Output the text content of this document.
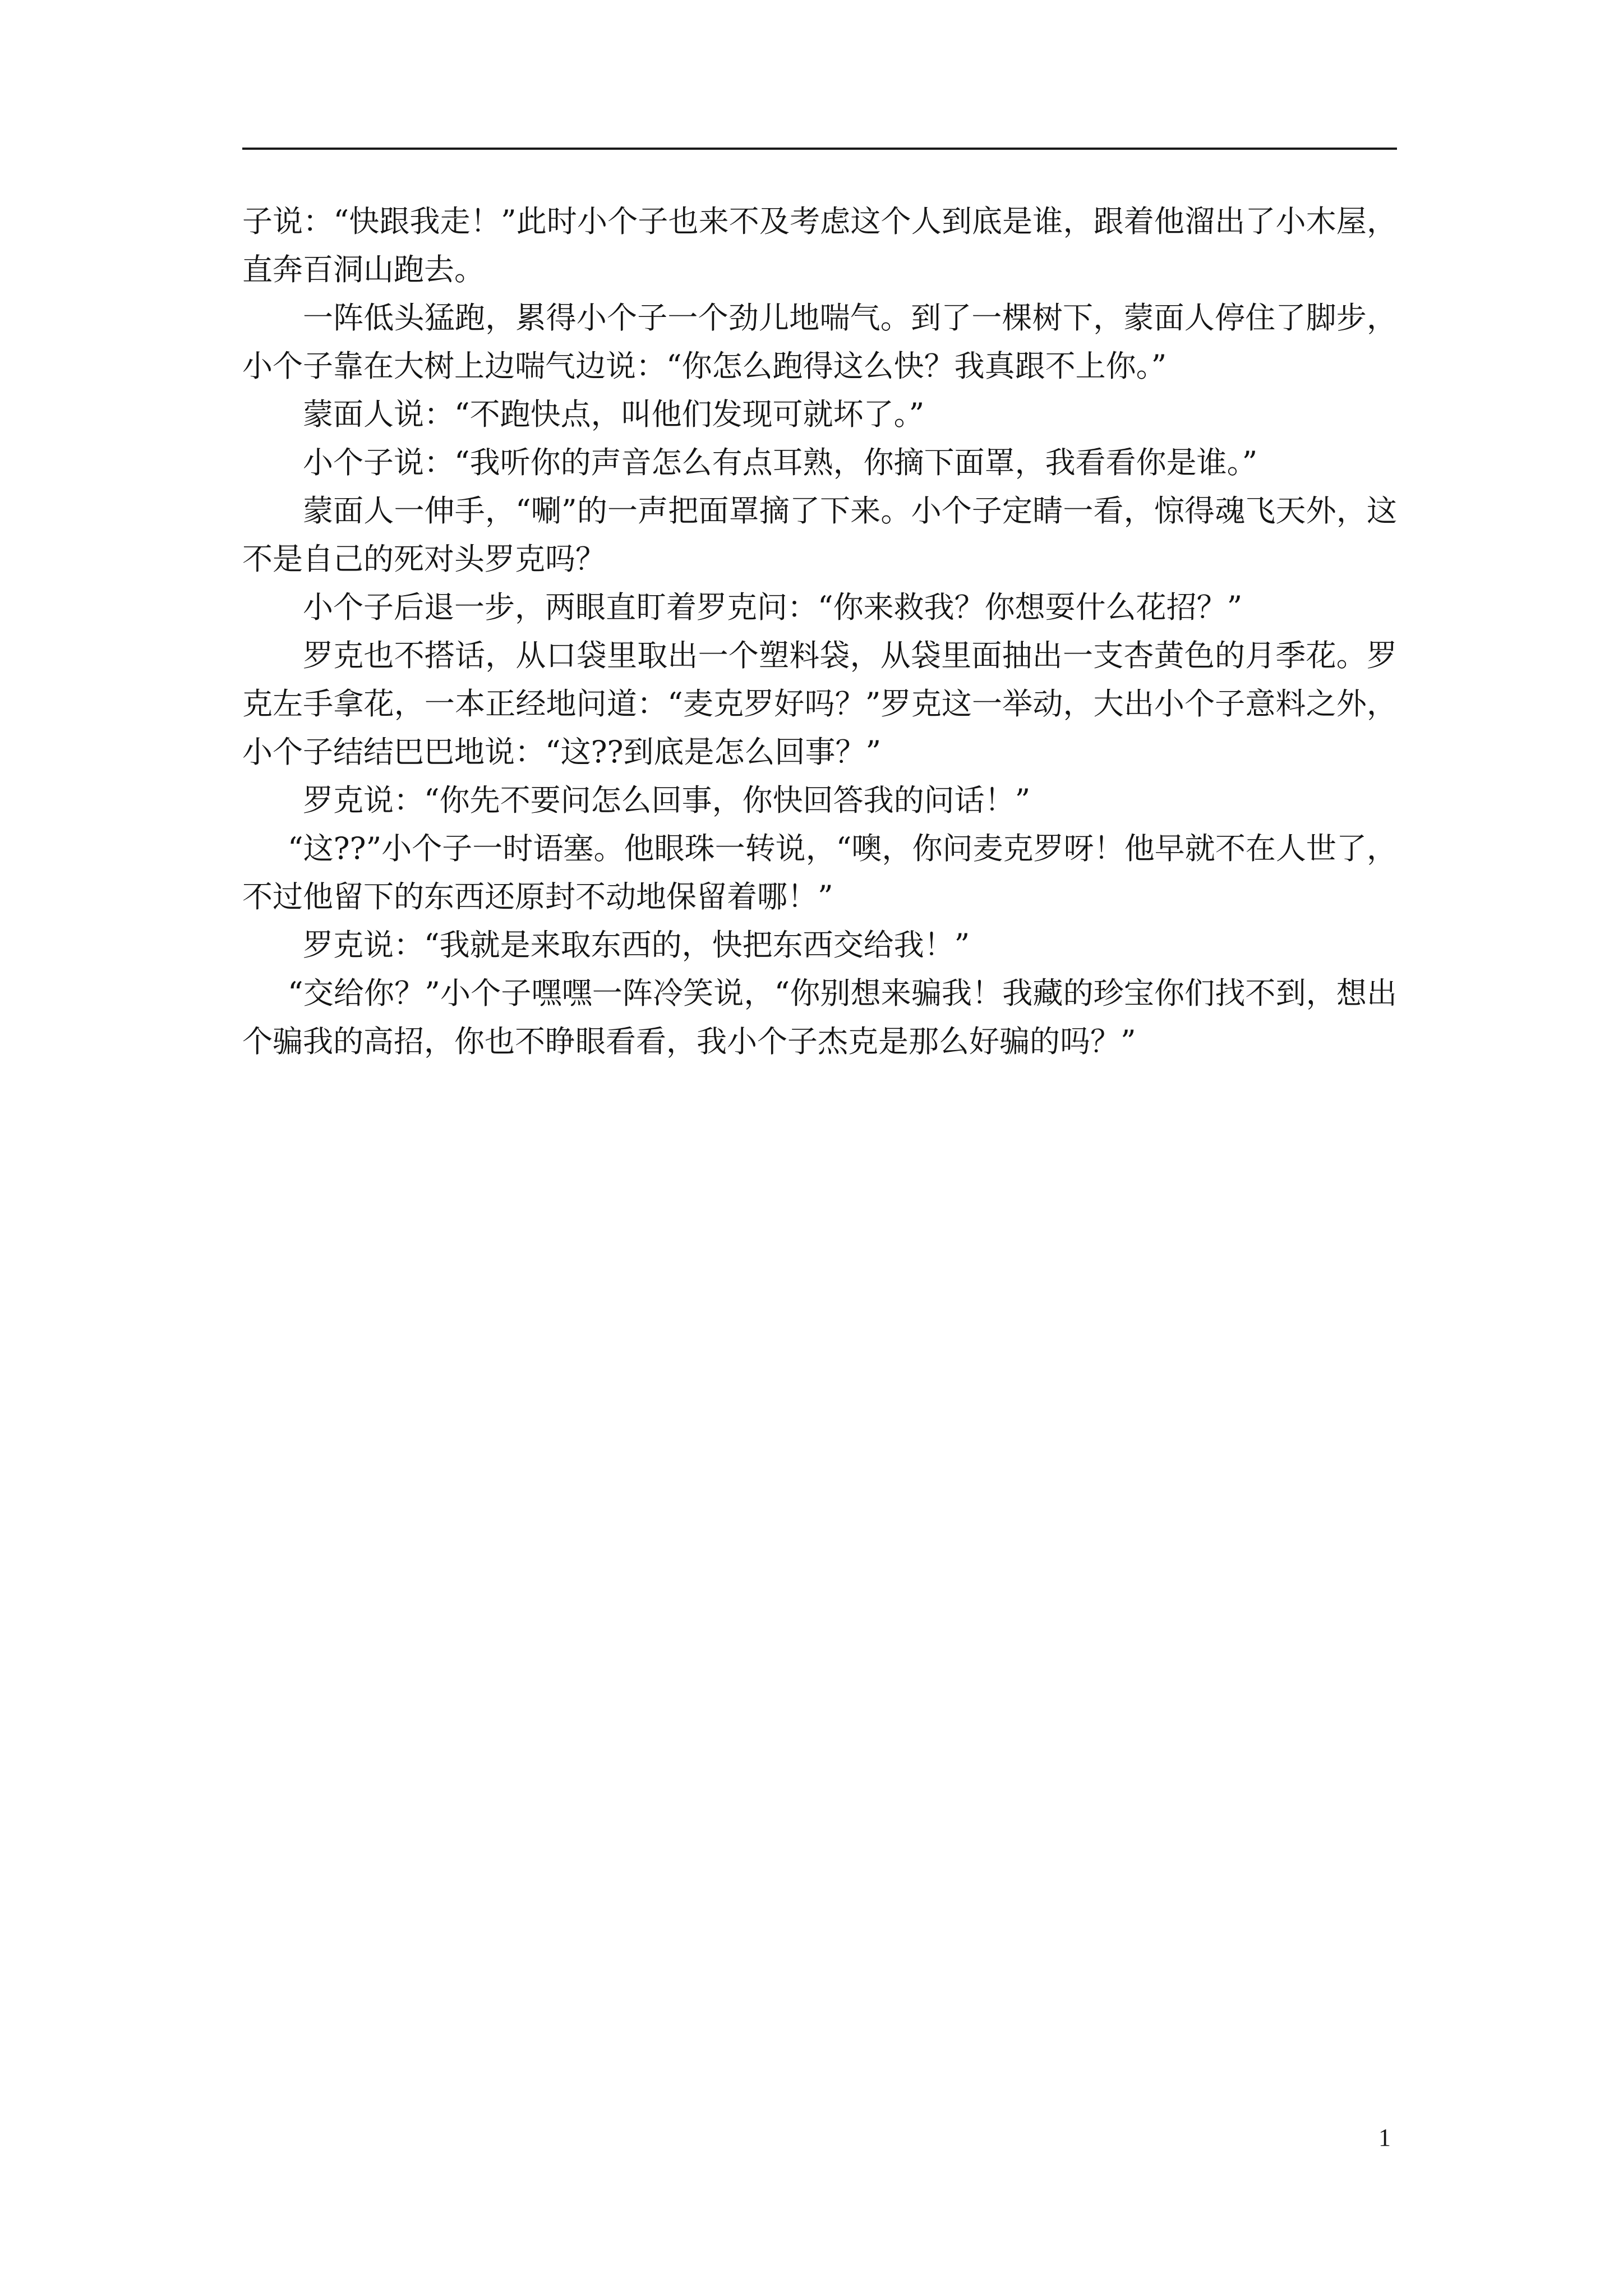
子说：“快跟我走！”此时小个子也来不及考虑这个人到底是谁，跟着他溜出了小木屋，直奔百洞山跑去。

一阵低头猛跑，累得小个子一个劲儿地喘气。到了一棵树下，蒙面人停住了脚步，小个子靠在大树上边喘气边说：“你怎么跑得这么快？我真跟不上你。”

蒙面人说：“不跑快点，叫他们发现可就坏了。”

小个子说：“我听你的声音怎么有点耳熟，你摘下面罩，我看看你是谁。”

蒙面人一伸手，“唰”的一声把面罩摘了下来。小个子定睛一看，惊得魂飞天外，这不是自己的死对头罗克吗？

小个子后退一步，两眼直盯着罗克问：“你来救我？你想耍什么花招？”

罗克也不搭话，从口袋里取出一个塑料袋，从袋里面抽出一支杏黄色的月季花。罗克左手拿花，一本正经地问道：“麦克罗好吗？”罗克这一举动，大出小个子意料之外，小个子结结巴巴地说：“这??到底是怎么回事？”

罗克说：“你先不要问怎么回事，你快回答我的问话！”

“这??”小个子一时语塞。他眼珠一转说，“噢，你问麦克罗呀！他早就不在人世了，不过他留下的东西还原封不动地保留着哪！”

罗克说：“我就是来取东西的，快把东西交给我！”

“交给你？”小个子嘿嘿一阵冷笑说，“你别想来骗我！我藏的珍宝你们找不到，想出个骗我的高招，你也不睁眼看看，我小个子杰克是那么好骗的吗？”

1
